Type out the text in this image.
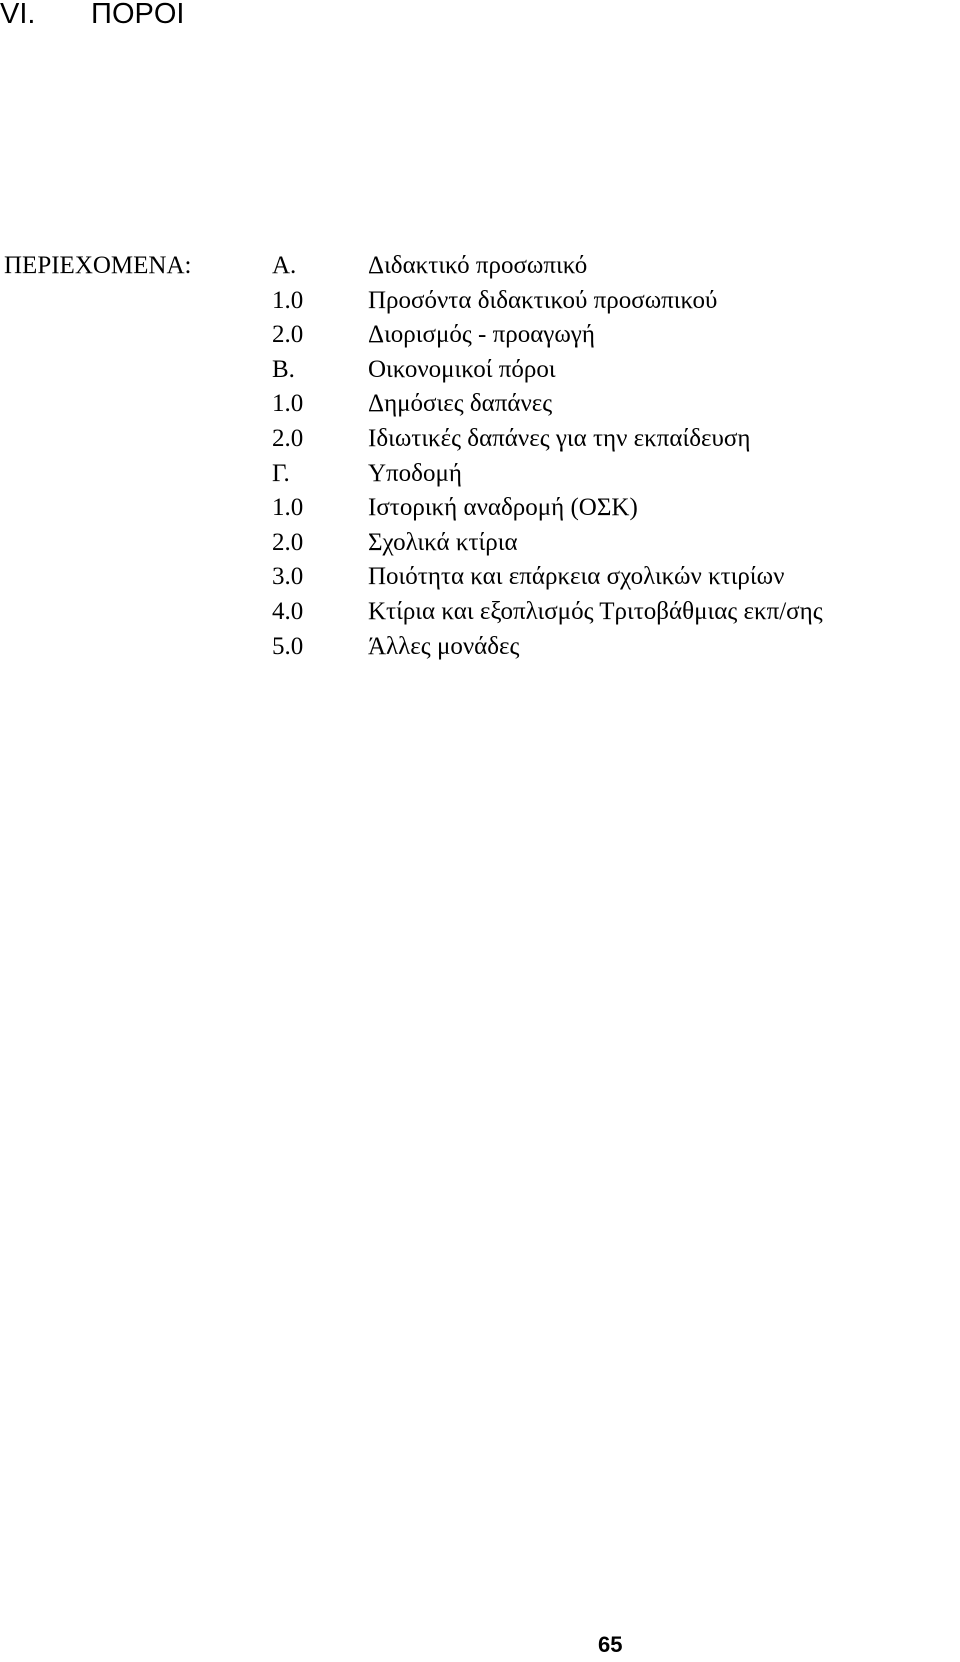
VI. ΠΟΡΟΙ
ΠΕΡΙΕΧΟΜΕΝΑ:	Α.	Διδακτικό προσωπικό
1.0	Προσόντα διδακτικού προσωπικού
2.0	Διορισμός - προαγωγή
Β.	Οικονομικοί πόροι
1.0	Δημόσιες δαπάνες
2.0	Ιδιωτικές δαπάνες για την εκπαίδευση
Γ.	Υποδομή
1.0	Ιστορική αναδρομή (ΟΣΚ)
2.0	Σχολικά κτίρια
3.0	Ποιότητα και επάρκεια σχολικών κτιρίων
4.0	Κτίρια και εξοπλισμός Τριτοβάθμιας εκπ/σης
5.0	Άλλες μονάδες
65
